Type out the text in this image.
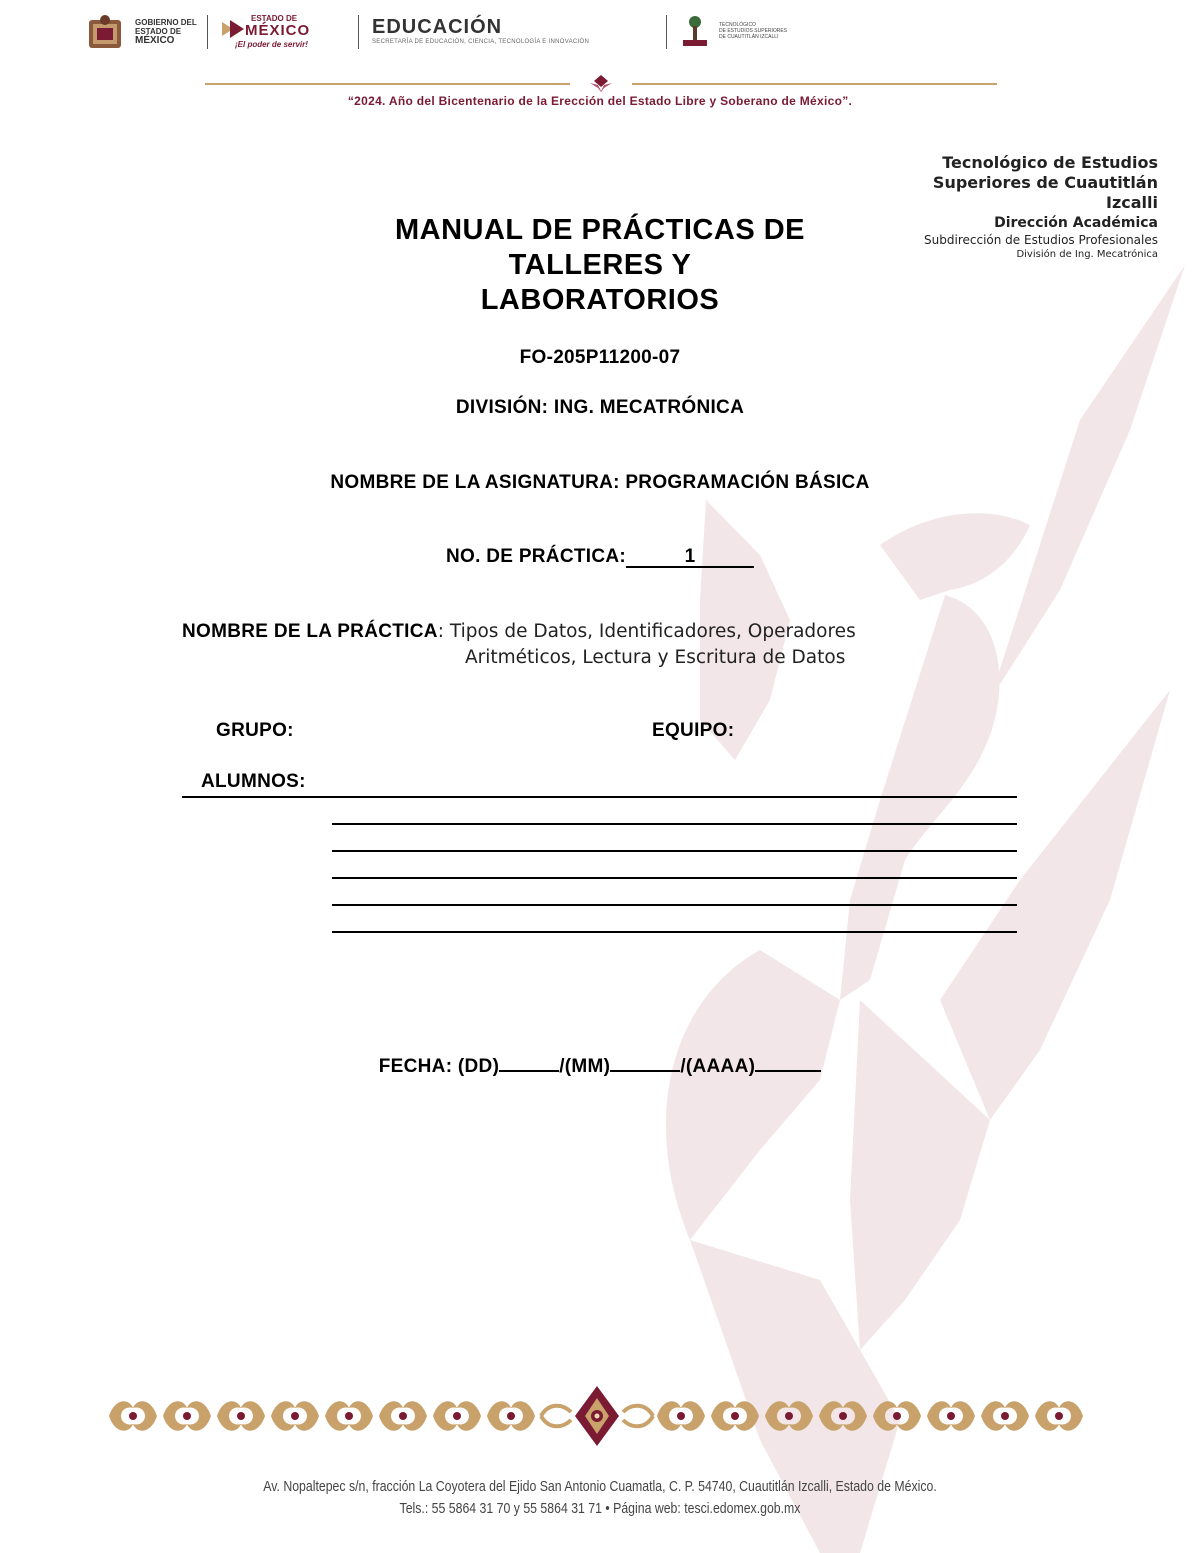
GOBIERNO DEL
ESTADO DE
MÉXICO
ESTADO DE
MÉXICO
¡El poder de servir!
EDUCACIÓN
SECRETARÍA DE EDUCACIÓN, CIENCIA, TECNOLOGÍA E INNOVACIÓN
TECNOLÓGICO
DE ESTUDIOS SUPERIORES
DE CUAUTITLÁN IZCALLI
“2024. Año del Bicentenario de la Erección del Estado Libre y Soberano de México”.
Tecnológico de Estudios
Superiores de Cuautitlán
Izcalli
Dirección Académica
Subdirección de Estudios Profesionales
División de Ing. Mecatrónica
MANUAL DE PRÁCTICAS DE
TALLERES Y
LABORATORIOS
FO-205P11200-07
DIVISIÓN: ING. MECATRÓNICA
NOMBRE DE LA ASIGNATURA: PROGRAMACIÓN BÁSICA
NO. DE PRÁCTICA:	1
NOMBRE DE LA PRÁCTICA: Tipos de Datos, Identificadores, Operadores
Aritméticos, Lectura y Escritura de Datos
GRUPO:	EQUIPO:
ALUMNOS:
FECHA: (DD)	/(MM)	/(AAAA)
Av. Nopaltepec s/n, fracción La Coyotera del Ejido San Antonio Cuamatla, C. P. 54740, Cuautitlán Izcalli, Estado de México.
Tels.: 55 5864 31 70 y 55 5864 31 71 • Página web: tesci.edomex.gob.mx
